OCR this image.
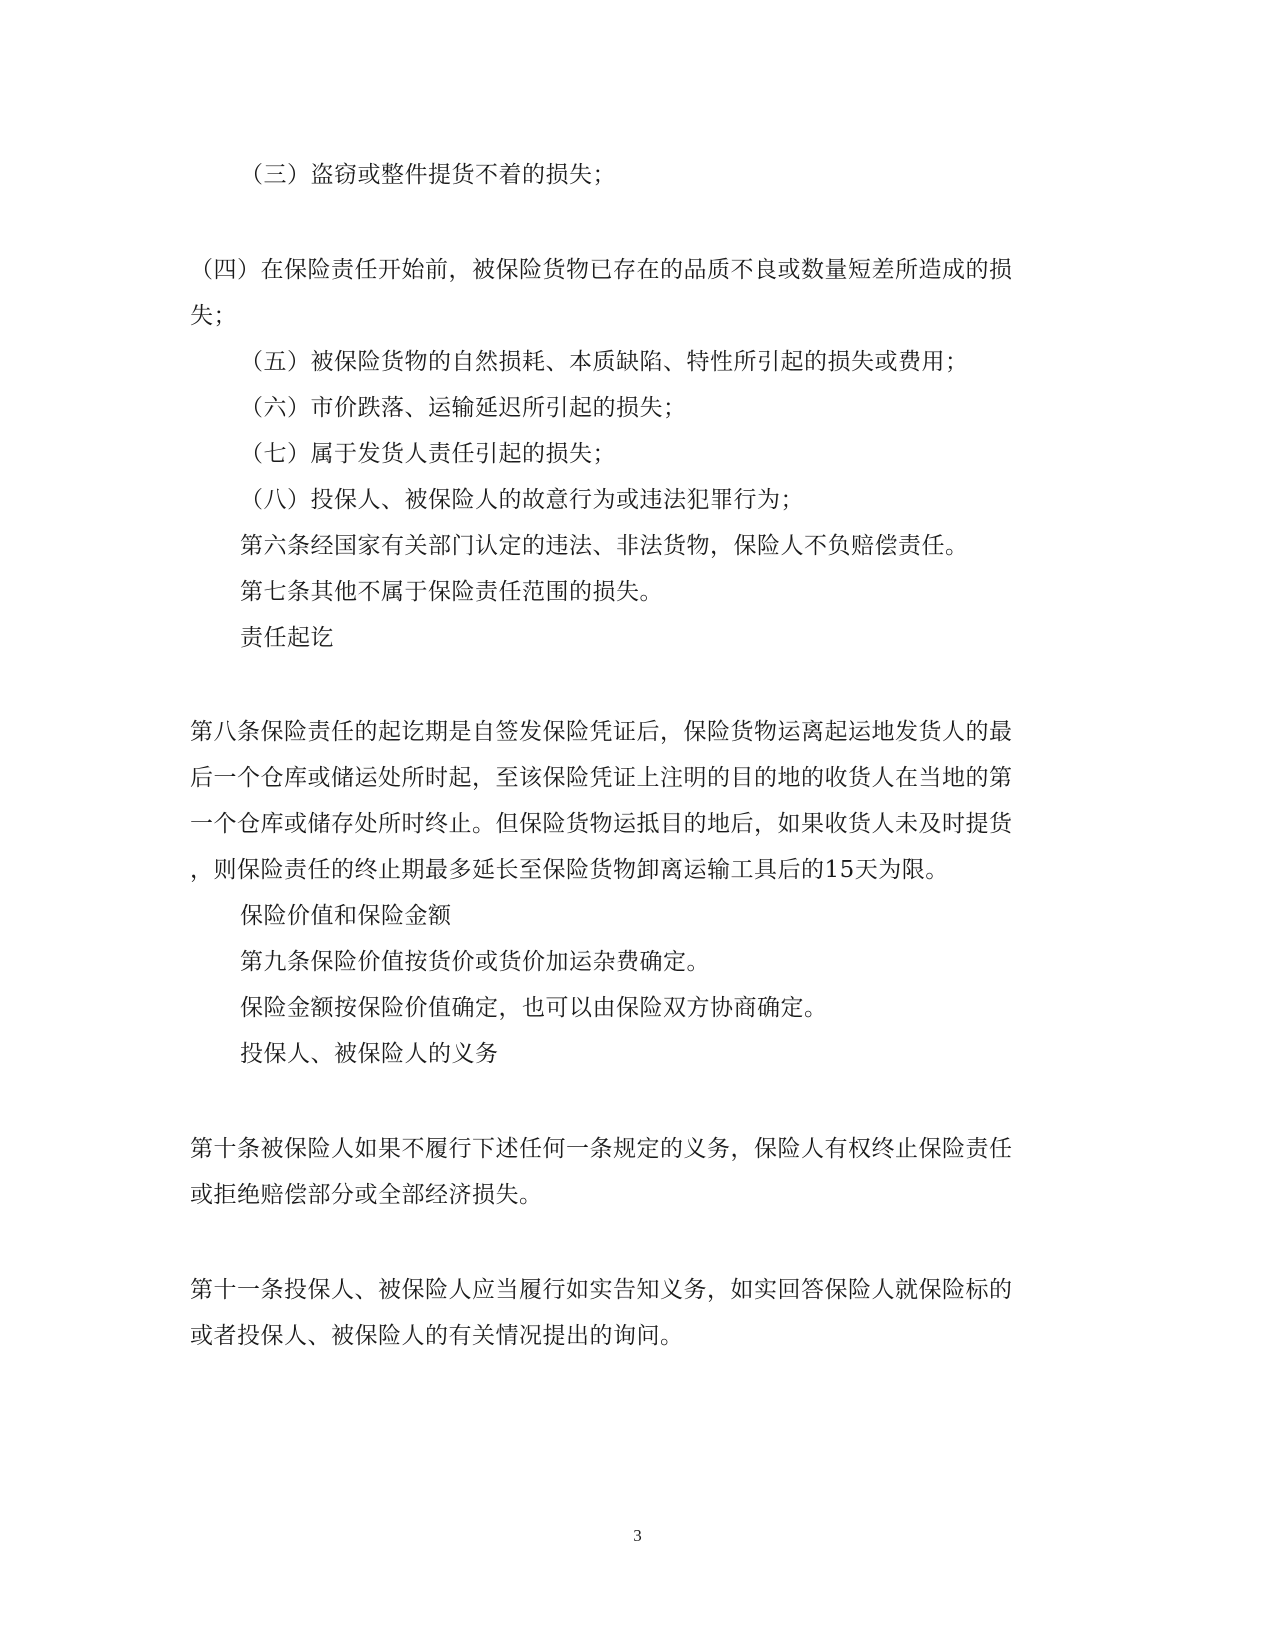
（三）盗窃或整件提货不着的损失；
（四）在保险责任开始前，被保险货物已存在的品质不良或数量短差所造成的损
失；
（五）被保险货物的自然损耗、本质缺陷、特性所引起的损失或费用；
（六）市价跌落、运输延迟所引起的损失；
（七）属于发货人责任引起的损失；
（八）投保人、被保险人的故意行为或违法犯罪行为；
第六条经国家有关部门认定的违法、非法货物，保险人不负赔偿责任。
第七条其他不属于保险责任范围的损失。
责任起讫
第八条保险责任的起讫期是自签发保险凭证后，保险货物运离起运地发货人的最
后一个仓库或储运处所时起，至该保险凭证上注明的目的地的收货人在当地的第
一个仓库或储存处所时终止。但保险货物运抵目的地后，如果收货人未及时提货
，则保险责任的终止期最多延长至保险货物卸离运输工具后的15天为限。
保险价值和保险金额
第九条保险价值按货价或货价加运杂费确定。
保险金额按保险价值确定，也可以由保险双方协商确定。
投保人、被保险人的义务
第十条被保险人如果不履行下述任何一条规定的义务，保险人有权终止保险责任
或拒绝赔偿部分或全部经济损失。
第十一条投保人、被保险人应当履行如实告知义务，如实回答保险人就保险标的
或者投保人、被保险人的有关情况提出的询问。
3
